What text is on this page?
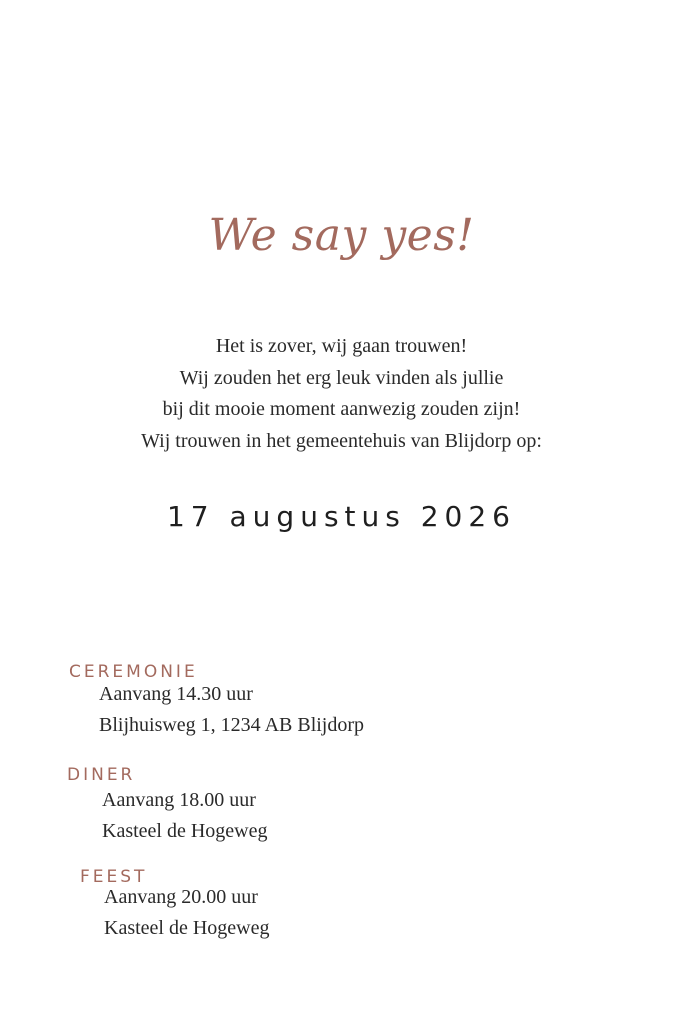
We say yes!
Het is zover, wij gaan trouwen!
Wij zouden het erg leuk vinden als jullie
bij dit mooie moment aanwezig zouden zijn!
Wij trouwen in het gemeentehuis van Blijdorp op:
17 augustus 2026
CEREMONIE
Aanvang 14.30 uur
Blijhuisweg 1, 1234 AB Blijdorp
DINER
Aanvang 18.00 uur
Kasteel de Hogeweg
FEEST
Aanvang 20.00 uur
Kasteel de Hogeweg
